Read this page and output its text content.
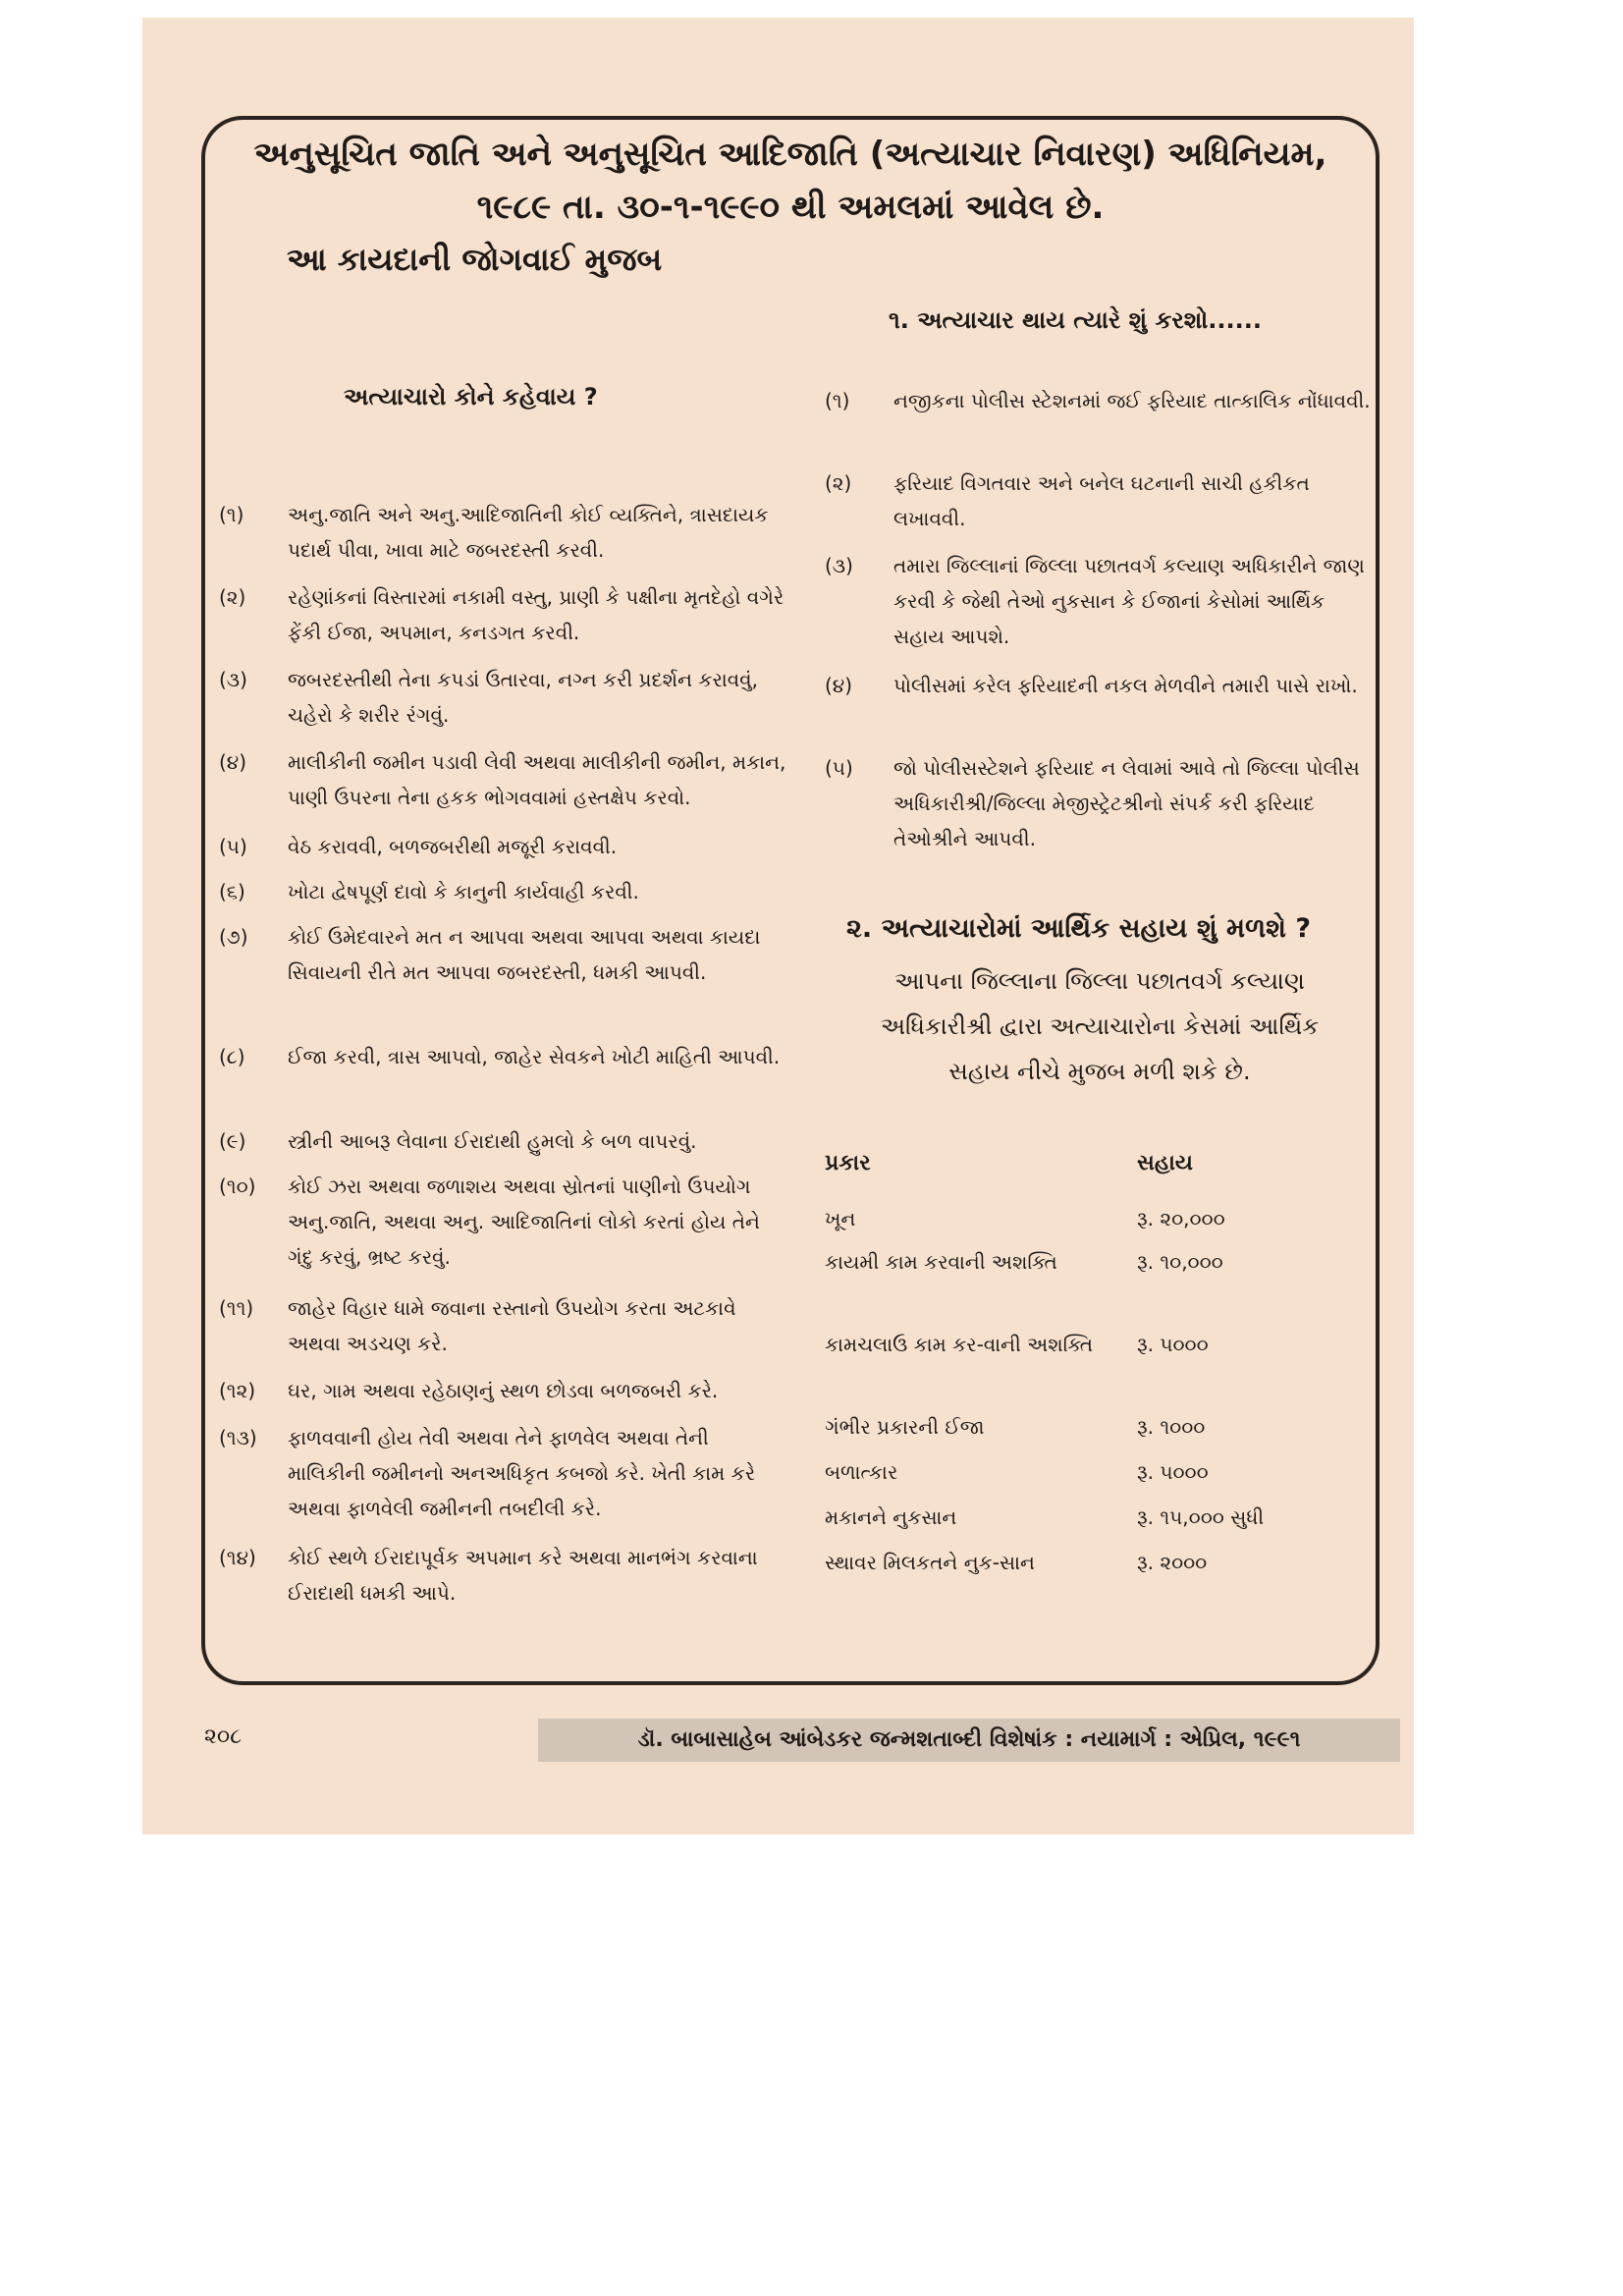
અનુસૂચિત જાતિ અને અનુસૂચિત આદિજાતિ (અત્યાચાર નિવારણ) અધિનિયમ,
૧૯૮૯ તા. ૩૦-૧-૧૯૯૦ થી અમલમાં આવેલ છે.
આ કાયદાની જોગવાઈ મુજબ
૧. અત્યાચાર થાય ત્યારે શું કરશો......
અત્યાચારો કોને કહેવાય ?
(૧)	અનુ.જાતિ અને અનુ.આદિજાતિની કોઈ વ્યક્તિને, ત્રાસદાયક પદાર્થ પીવા, ખાવા માટે જબરદસ્તી કરવી.
(૨)	રહેણાંકનાં વિસ્તારમાં નકામી વસ્તુ, પ્રાણી કે પક્ષીના મૃતદેહો વગેરે ફેંકી ઈજા, અપમાન, કનડગત કરવી.
(૩)	જબરદસ્તીથી તેના કપડાં ઉતારવા, નગ્ન કરી પ્રદર્શન કરાવવું, ચહેરો કે શરીર રંગવું.
(૪)	માલીકીની જમીન પડાવી લેવી અથવા માલીકીની જમીન, મકાન, પાણી ઉપરના તેના હકક ભોગવવામાં હસ્તક્ષેપ કરવો.
(૫)	વેઠ કરાવવી, બળજબરીથી મજૂરી કરાવવી.
(૬)	ખોટા દ્વેષપૂર્ણ દાવો કે કાનુની કાર્યવાહી કરવી.
(૭)	કોઈ ઉમેદવારને મત ન આપવા અથવા આપવા અથવા કાયદા સિવાયની રીતે મત આપવા જબરદસ્તી, ધમકી આપવી.
(૮)	ઈજા કરવી, ત્રાસ આપવો, જાહેર સેવકને ખોટી માહિતી આપવી.
(૯)	સ્ત્રીની આબરૂ લેવાના ઈરાદાથી હુમલો કે બળ વાપરવું.
(૧૦)	કોઈ ઝરા અથવા જળાશય અથવા સ્રોતનાં પાણીનો ઉપયોગ અનુ.જાતિ, અથવા અનુ. આદિજાતિનાં લોકો કરતાં હોય તેને ગંદુ કરવું, ભ્રષ્ટ કરવું.
(૧૧)	જાહેર વિહાર ધામે જવાના રસ્તાનો ઉપયોગ કરતા અટકાવે અથવા અડચણ કરે.
(૧૨)	ઘર, ગામ અથવા રહેઠાણનું સ્થળ છોડવા બળજબરી કરે.
(૧૩)	ફાળવવાની હોય તેવી અથવા તેને ફાળવેલ અથવા તેની માલિકીની જમીનનો અનઅધિકૃત કબજો કરે. ખેતી કામ કરે અથવા ફાળવેલી જમીનની તબદીલી કરે.
(૧૪)	કોઈ સ્થળે ઈરાદાપૂર્વક અપમાન કરે અથવા માનભંગ કરવાના ઈરાદાથી ધમકી આપે.
(૧)	નજીકના પોલીસ સ્ટેશનમાં જઈ ફરિયાદ તાત્કાલિક નોંધાવવી.
(૨)	ફરિયાદ વિગતવાર અને બનેલ ઘટનાની સાચી હકીકત લખાવવી.
(૩)	તમારા જિલ્લાનાં જિલ્લા પછાતવર્ગ કલ્યાણ અધિકારીને જાણ કરવી કે જેથી તેઓ નુકસાન કે ઈજાનાં કેસોમાં આર્થિક સહાય આપશે.
(૪)	પોલીસમાં કરેલ ફરિયાદની નકલ મેળવીને તમારી પાસે રાખો.
(૫)	જો પોલીસસ્ટેશને ફરિયાદ ન લેવામાં આવે તો જિલ્લા પોલીસ અધિકારીશ્રી/જિલ્લા મેજીસ્ટ્રેટશ્રીનો સંપર્ક કરી ફરિયાદ તેઓશ્રીને આપવી.
૨. અત્યાચારોમાં આર્થિક સહાય શું મળશે ?
આપના જિલ્લાના જિલ્લા પછાતવર્ગ કલ્યાણ અધિકારીશ્રી દ્વારા અત્યાચારોના કેસમાં આર્થિક સહાય નીચે મુજબ મળી શકે છે.
પ્રકાર	સહાય
ખૂન	રૂ. ૨૦,૦૦૦
કાયમી કામ કરવાની અશક્તિ	રૂ. ૧૦,૦૦૦
કામચલાઉ કામ કર-વાની અશક્તિ	રૂ. ૫૦૦૦
ગંભીર પ્રકારની ઈજા	રૂ. ૧૦૦૦
બળાત્કાર	રૂ. ૫૦૦૦
મકાનને નુકસાન	રૂ. ૧૫,૦૦૦ સુધી
સ્થાવર મિલકતને નુક-સાન	રૂ. ૨૦૦૦
૨૦૮	ડૉ. બાબાસાહેબ આંબેડકર જન્મશતાબ્દી વિશેષાંક : નયામાર્ગ : એપ્રિલ, ૧૯૯૧
